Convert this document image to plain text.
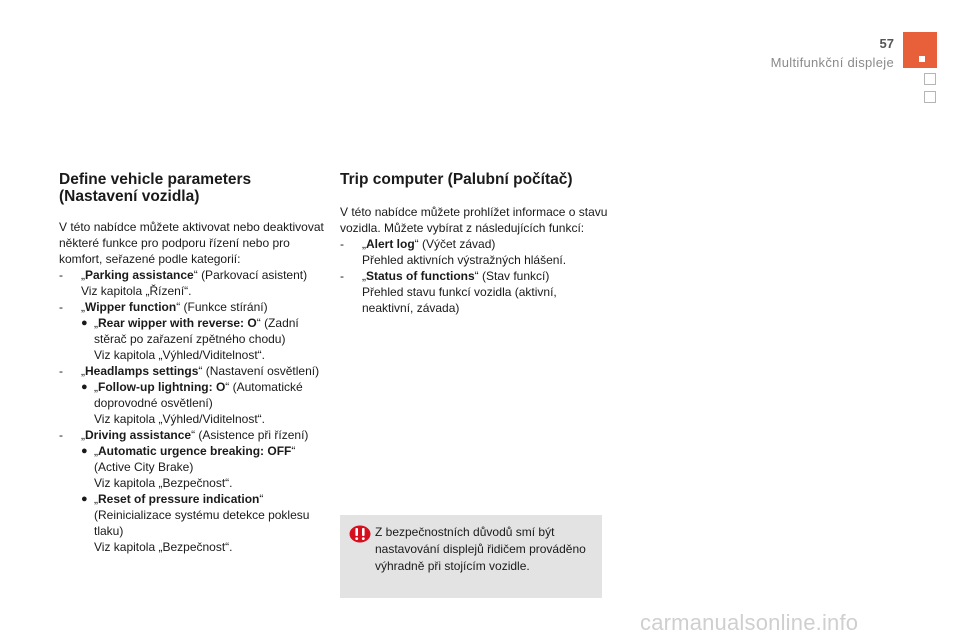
57
Multifunkční displeje
Define vehicle parameters
(Nastavení vozidla)

V této nabídce můžete aktivovat nebo deaktivovat některé funkce pro podporu řízení nebo pro komfort, seřazené podle kategorií:

- „Parking assistance“ (Parkovací asistent)
Viz kapitola „Řízení“.
- „Wipper function“ (Funkce stírání)
● „Rear wipper with reverse: O“ (Zadní stěrač po zařazení zpětného chodu)
Viz kapitola „Výhled/Viditelnost“.
- „Headlamps settings“ (Nastavení osvětlení)
● „Follow-up lightning: O“ (Automatické doprovodné osvětlení)
Viz kapitola „Výhled/Viditelnost“.
- „Driving assistance“ (Asistence při řízení)
● „Automatic urgence breaking: OFF“ (Active City Brake)
Viz kapitola „Bezpečnost“.
● „Reset of pressure indication“ (Reinicializace systému detekce poklesu tlaku)
Viz kapitola „Bezpečnost“.
Trip computer (Palubní počítač)

V této nabídce můžete prohlížet informace o stavu vozidla. Můžete vybírat z následujících funkcí:

- „Alert log“ (Výčet závad)
Přehled aktivních výstražných hlášení.
- „Status of functions“ (Stav funkcí)
Přehled stavu funkcí vozidla (aktivní, neaktivní, závada)
Z bezpečnostních důvodů smí být nastavování displejů řidičem prováděno výhradně při stojícím vozidle.
carmanualsonline.info
